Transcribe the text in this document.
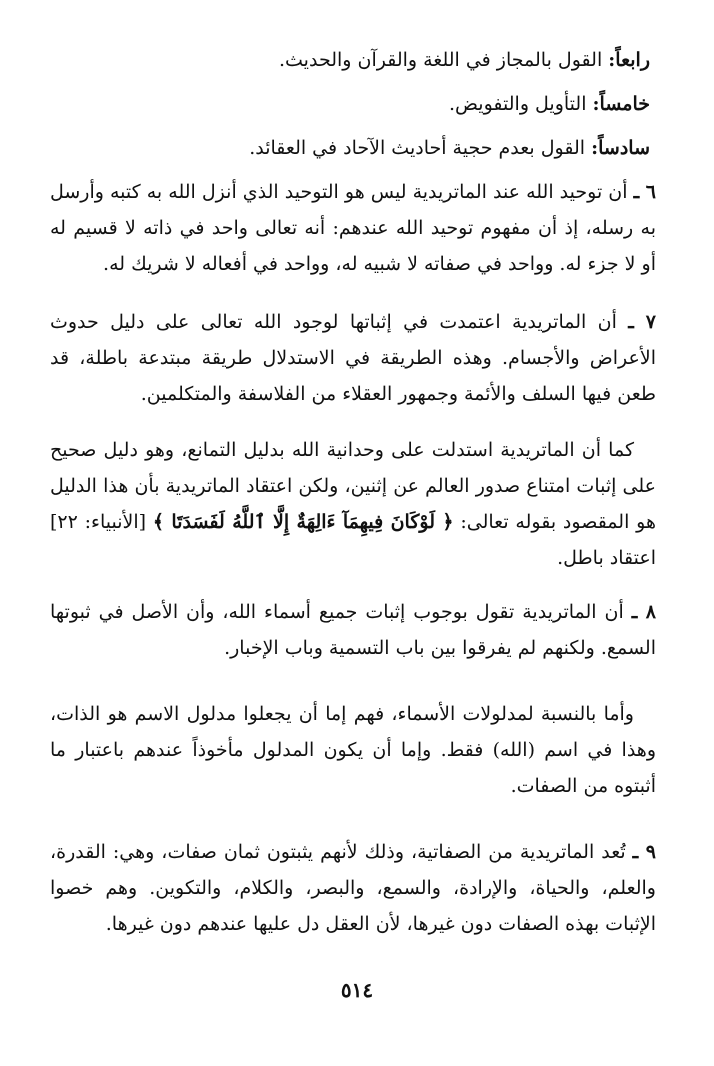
رابعاً: القول بالمجاز في اللغة والقرآن والحديث.
خامساً: التأويل والتفويض.
سادساً: القول بعدم حجية أحاديث الآحاد في العقائد.

٦ ـ أن توحيد الله عند الماتريدية ليس هو التوحيد الذي أنزل الله به كتبه وأرسل به رسله، إذ أن مفهوم توحيد الله عندهم: أنه تعالى واحد في ذاته لا قسيم له أو لا جزء له. وواحد في صفاته لا شبيه له، وواحد في أفعاله لا شريك له.

٧ ـ أن الماتريدية اعتمدت في إثباتها لوجود الله تعالى على دليل حدوث الأعراض والأجسام. وهذه الطريقة في الاستدلال طريقة مبتدعة باطلة، قد طعن فيها السلف والأئمة وجمهور العقلاء من الفلاسفة والمتكلمين.

كما أن الماتريدية استدلت على وحدانية الله بدليل التمانع، وهو دليل صحيح على إثبات امتناع صدور العالم عن إثنين، ولكن اعتقاد الماتريدية بأن هذا الدليل هو المقصود بقوله تعالى: ﴿ لَوْكَانَ فِيهِمَآ ءَالِهَةٌ إِلَّا ٱللَّهُ لَفَسَدَتَا ﴾ [الأنبياء: ٢٢] اعتقاد باطل.

٨ ـ أن الماتريدية تقول بوجوب إثبات جميع أسماء الله، وأن الأصل في ثبوتها السمع. ولكنهم لم يفرقوا بين باب التسمية وباب الإخبار.

وأما بالنسبة لمدلولات الأسماء، فهم إما أن يجعلوا مدلول الاسم هو الذات، وهذا في اسم (الله) فقط. وإما أن يكون المدلول مأخوذاً عندهم باعتبار ما أثبتوه من الصفات.

٩ ـ تُعد الماتريدية من الصفاتية، وذلك لأنهم يثبتون ثمان صفات، وهي: القدرة، والعلم، والحياة، والإرادة، والسمع، والبصر، والكلام، والتكوين. وهم خصوا الإثبات بهذه الصفات دون غيرها، لأن العقل دل عليها عندهم دون غيرها.

٥١٤
